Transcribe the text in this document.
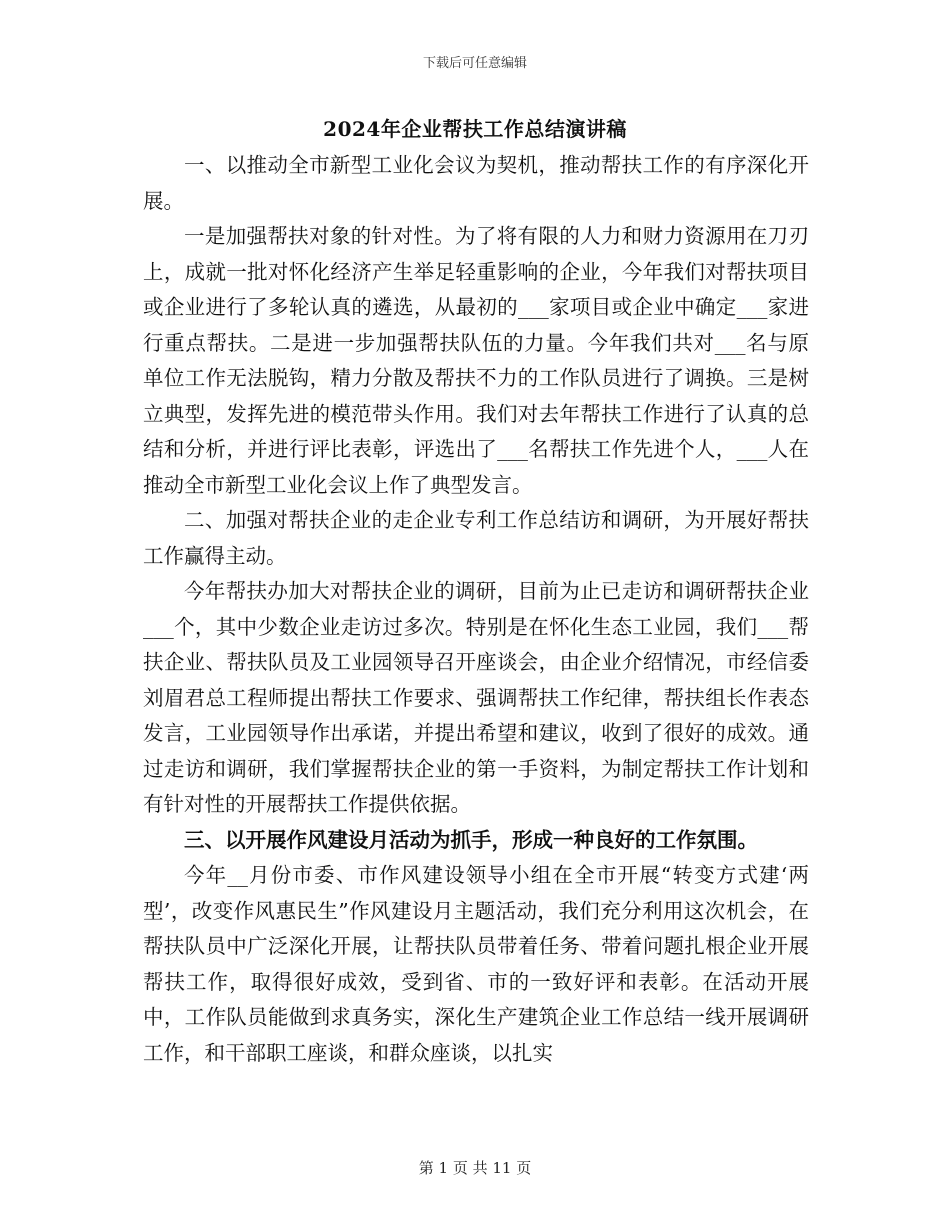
下载后可任意编辑
2024年企业帮扶工作总结演讲稿

一、以推动全市新型工业化会议为契机，推动帮扶工作的有序深化开展。

一是加强帮扶对象的针对性。为了将有限的人力和财力资源用在刀刃上，成就一批对怀化经济产生举足轻重影响的企业，今年我们对帮扶项目或企业进行了多轮认真的遴选，从最初的___家项目或企业中确定___家进行重点帮扶。二是进一步加强帮扶队伍的力量。今年我们共对___名与原单位工作无法脱钩，精力分散及帮扶不力的工作队员进行了调换。三是树立典型，发挥先进的模范带头作用。我们对去年帮扶工作进行了认真的总结和分析，并进行评比表彰，评选出了___名帮扶工作先进个人，___人在推动全市新型工业化会议上作了典型发言。

二、加强对帮扶企业的走企业专利工作总结访和调研，为开展好帮扶工作赢得主动。

今年帮扶办加大对帮扶企业的调研，目前为止已走访和调研帮扶企业___个，其中少数企业走访过多次。特别是在怀化生态工业园，我们___帮扶企业、帮扶队员及工业园领导召开座谈会，由企业介绍情况，市经信委刘眉君总工程师提出帮扶工作要求、强调帮扶工作纪律，帮扶组长作表态发言，工业园领导作出承诺，并提出希望和建议，收到了很好的成效。通过走访和调研，我们掌握帮扶企业的第一手资料，为制定帮扶工作计划和有针对性的开展帮扶工作提供依据。

三、以开展作风建设月活动为抓手，形成一种良好的工作氛围。

今年__月份市委、市作风建设领导小组在全市开展“转变方式建‘两型’，改变作风惠民生”作风建设月主题活动，我们充分利用这次机会，在帮扶队员中广泛深化开展，让帮扶队员带着任务、带着问题扎根企业开展帮扶工作，取得很好成效，受到省、市的一致好评和表彰。在活动开展中，工作队员能做到求真务实，深化生产建筑企业工作总结一线开展调研工作，和干部职工座谈，和群众座谈，以扎实

第 1 页 共 11 页
